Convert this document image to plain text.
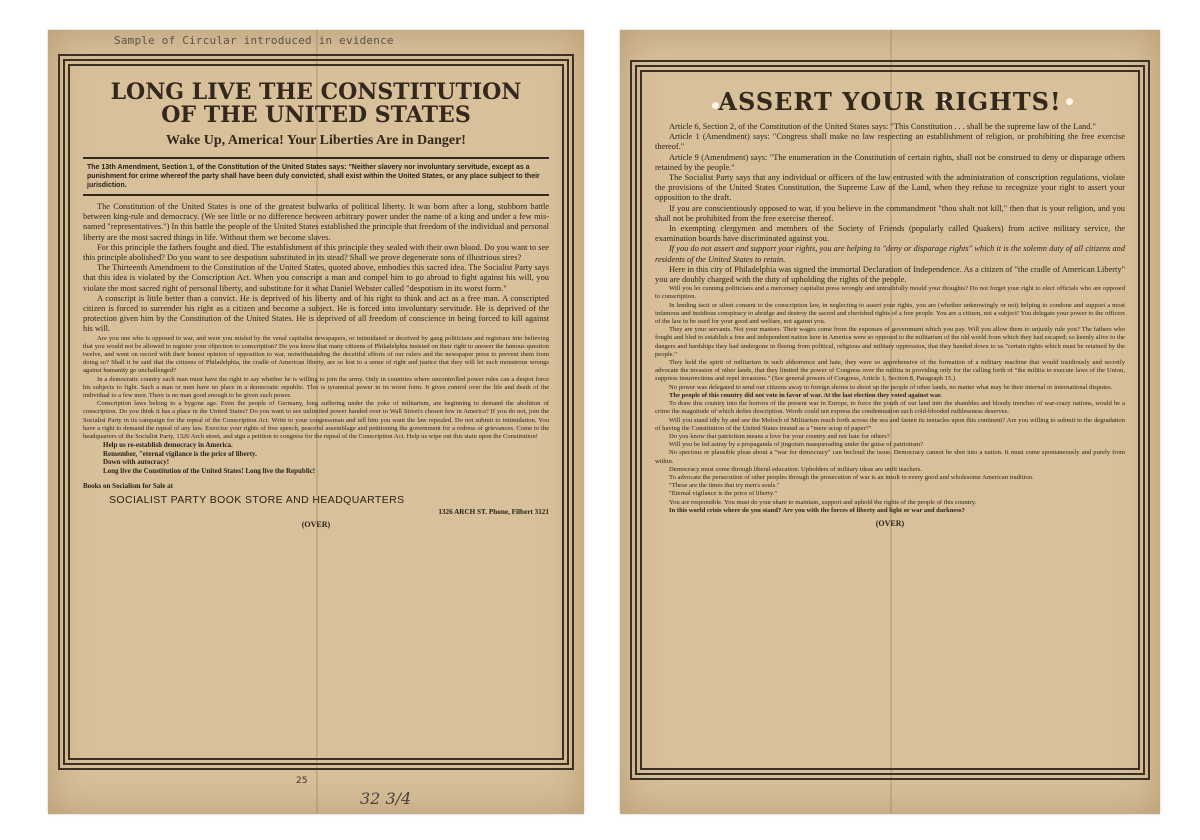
Sample of Circular introduced in evidence
LONG LIVE THE CONSTITUTION
OF THE UNITED STATES
Wake Up, America! Your Liberties Are in Danger!
The 13th Amendment, Section 1, of the Constitution of the United States says: "Neither slavery nor involuntary servitude, except as a punishment for crime whereof the party shall have been duly convicted, shall exist within the United States, or any place subject to their jurisdiction.

The Constitution of the United States is one of the greatest bulwarks of political liberty. It was born after a long, stubborn battle between king-rule and democracy. (We see little or no difference between arbitrary power under the name of a king and under a few mis-named "representatives.") In this battle the people of the United States established the principle that freedom of the individual and personal liberty are the most sacred things in life. Without them we become slaves.

For this principle the fathers fought and died. The establishment of this principle they sealed with their own blood. Do you want to see this principle abolished? Do you want to see despotism substituted in its stead? Shall we prove degenerate sons of illustrious sires?

The Thirteenth Amendment to the Constitution of the United States, quoted above, embodies this sacred idea. The Socialist Party says that this idea is violated by the Conscription Act. When you conscript a man and compel him to go abroad to fight against his will, you violate the most sacred right of personal liberty, and substitute for it what Daniel Webster called "despotism in its worst form."

A conscript is little better than a convict. He is deprived of his liberty and of his right to think and act as a free man. A conscripted citizen is forced to surrender his right as a citizen and become a subject. He is forced into involuntary servitude. He is deprived of the protection given him by the Constitution of the United States. He is deprived of all freedom of conscience in being forced to kill against his will.

Are you one who is opposed to war, and were you misled by the venal capitalist newspapers, or intimidated or deceived by gang politicians and registrars into believing that you would not be allowed to register your objection to conscription? Do you know that many citizens of Philadelphia insisted on their right to answer the famous question twelve, and went on record with their honest opinion of opposition to war, notwithstanding the deceitful efforts of our rulers and the newspaper press to prevent them from doing so? Shall it be said that the citizens of Philadelphia, the cradle of American liberty, are so lost to a sense of right and justice that they will let such monstrous wrongs against humanity go unchallenged?

In a democratic country each man must have the right to say whether he is willing to join the army. Only in countries where uncontrolled power rules can a despot force his subjects to fight. Such a man or men have no place in a democratic republic. This is tyrannical power in its worst form. It gives control over the life and death of the individual to a few men. There is no man good enough to be given such power.

Conscription laws belong to a bygone age. Even the people of Germany, long suffering under the yoke of militarism, are beginning to demand the abolition of conscription. Do you think it has a place in the United States? Do you want to see unlimited power handed over to Wall Street's chosen few in America? If you do not, join the Socialist Party in its campaign for the repeal of the Conscription Act. Write to your congressman and tell him you want the law repealed. Do not submit to intimidation. You have a right to demand the repeal of any law. Exercise your rights of free speech, peaceful assemblage and petitioning the government for a redress of grievances. Come to the headquarters of the Socialist Party, 1326 Arch street, and sign a petition to congress for the repeal of the Conscription Act. Help us wipe out this stain upon the Constitution!

Help us re-establish democracy in America.

Remember, "eternal vigilance is the price of liberty.

Down with autocracy!

Long live the Constitution of the United States! Long live the Republic!

Books on Socialism for Sale at
SOCIALIST PARTY BOOK STORE AND HEADQUARTERS
1326 ARCH ST. Phone, Filbert 3121
(OVER)
25
32 3/4
ASSERT YOUR RIGHTS!

Article 6, Section 2, of the Constitution of the United States says: "This Constitution . . . shall be the supreme law of the Land."

Article 1 (Amendment) says: "Congress shall make no law respecting an establishment of religion, or prohibiting the free exercise thereof."

Article 9 (Amendment) says: "The enumeration in the Constitution of certain rights, shall not be construed to deny or disparage others retained by the people."

The Socialist Party says that any individual or officers of the law entrusted with the administration of conscription regulations, violate the provisions of the United States Constitution, the Supreme Law of the Land, when they refuse to recognize your right to assert your opposition to the draft.

If you are conscientiously opposed to war, if you believe in the commandment "thou shalt not kill," then that is your religion, and you shall not be prohibited from the free exercise thereof.

In exempting clergymen and members of the Society of Friends (popularly called Quakers) from active military service, the examination boards have discriminated against you.

If you do not assert and support your rights, you are helping to "deny or disparage rights" which it is the solemn duty of all citizens and residents of the United States to retain.

Here in this city of Philadelphia was signed the immortal Declaration of Independence. As a citizen of "the cradle of American Liberty" you are doubly charged with the duty of upholding the rights of the people.

Will you let cunning politicians and a mercenary capitalist press wrongly and untruthfully mould your thoughts? Do not forget your right to elect officials who are opposed to conscription.

In lending tacit or silent consent to the conscription law, in neglecting to assert your rights, you are (whether unknowingly or not) helping to condone and support a most infamous and insidious conspiracy to abridge and destroy the sacred and cherished rights of a free people. You are a citizen, not a subject! You delegate your power to the officers of the law to be used for your good and welfare, not against you.

They are your servants. Not your masters. Their wages come from the expenses of government which you pay. Will you allow them to unjustly rule you? The fathers who fought and bled to establish a free and independent nation here in America were so opposed to the militarism of the old world from which they had escaped; so keenly alive to the dangers and hardships they had undergone in fleeing from political, religious and military oppression, that they handed down to us "certain rights which must be retained by the people."

They held the spirit of militarism in such abhorrence and hate, they were so apprehensive of the formation of a military machine that would insidiously and secretly advocate the invasion of other lands, that they limited the power of Congress over the militia in providing only for the calling forth of "the militia to execute laws of the Union, suppress insurrections and repel invasions." (See general powers of Congress, Article 1, Section 8, Paragraph 15.)

No power was delegated to send our citizens away to foreign shores to shoot up the people of other lands, no matter what may be their internal or international disputes.

The people of this country did not vote in favor of war. At the last election they voted against war.

To draw this country into the horrors of the present war in Europe, to force the youth of our land into the shambles and bloody trenches of war-crazy nations, would be a crime the magnitude of which defies description. Words could not express the condemnation such cold-blooded ruthlessness deserves.

Will you stand idly by and see the Moloch of Militarism reach forth across the sea and fasten its tentacles upon this continent? Are you willing to submit to the degradation of having the Constitution of the United States treated as a "mere scrap of paper?"

Do you know that patriotism means a love for your country and not hate for others?

Will you be led astray by a propaganda of jingoism masquerading under the guise of patriotism?

No specious or plausible pleas about a "war for democracy" can becloud the issue. Democracy cannot be shot into a nation. It must come spontaneously and purely from within.

Democracy must come through liberal education. Upholders of military ideas are unfit teachers.

To advocate the persecution of other peoples through the prosecution of war is an insult to every good and wholesome American tradition.

"These are the times that try men's souls."

"Eternal vigilance is the price of liberty."

You are responsible. You must do your share to maintain, support and uphold the rights of the people of this country.

In this world crisis where do you stand? Are you with the forces of liberty and light or war and darkness?

(OVER)
